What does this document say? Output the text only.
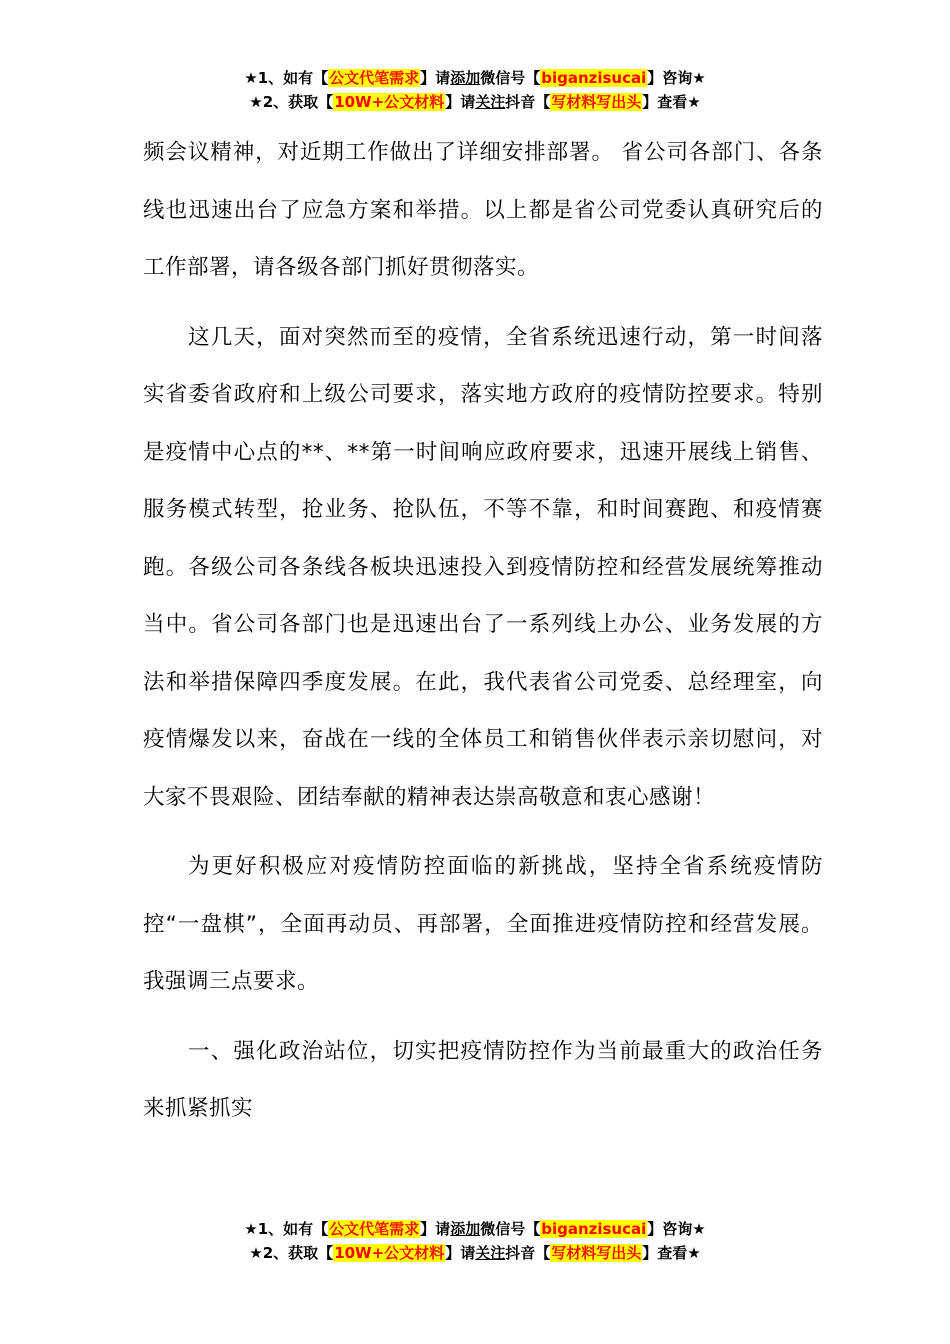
★1、如有【公文代笔需求】请添加微信号【biganzisucai】咨询★
★2、获取【10W+公文材料】请关注抖音【写材料写出头】查看★

频会议精神，对近期工作做出了详细安排部署。 省公司各部门、各条线也迅速出台了应急方案和举措。以上都是省公司党委认真研究后的工作部署，请各级各部门抓好贯彻落实。

这几天，面对突然而至的疫情，全省系统迅速行动，第一时间落实省委省政府和上级公司要求，落实地方政府的疫情防控要求。特别是疫情中心点的**、**第一时间响应政府要求，迅速开展线上销售、服务模式转型，抢业务、抢队伍，不等不靠，和时间赛跑、和疫情赛跑。各级公司各条线各板块迅速投入到疫情防控和经营发展统筹推动当中。省公司各部门也是迅速出台了一系列线上办公、业务发展的方法和举措保障四季度发展。在此，我代表省公司党委、总经理室，向疫情爆发以来，奋战在一线的全体员工和销售伙伴表示亲切慰问，对大家不畏艰险、团结奉献的精神表达崇高敬意和衷心感谢！

为更好积极应对疫情防控面临的新挑战，坚持全省系统疫情防控“一盘棋”，全面再动员、再部署，全面推进疫情防控和经营发展。我强调三点要求。

一、强化政治站位，切实把疫情防控作为当前最重大的政治任务来抓紧抓实

★1、如有【公文代笔需求】请添加微信号【biganzisucai】咨询★
★2、获取【10W+公文材料】请关注抖音【写材料写出头】查看★
